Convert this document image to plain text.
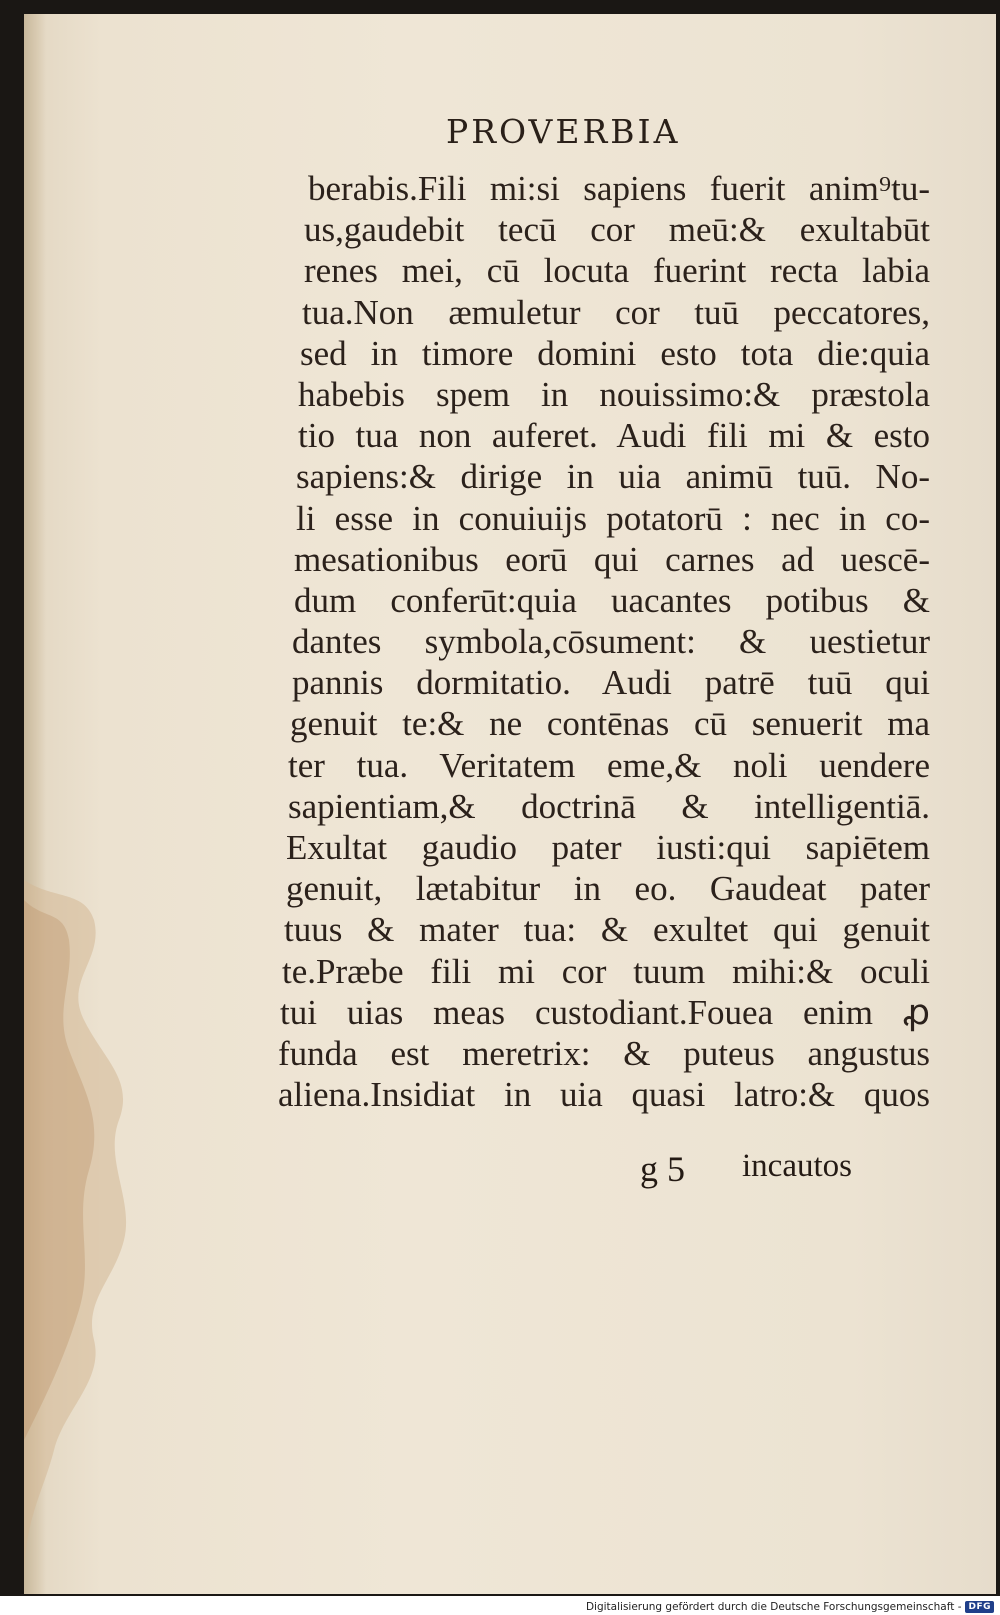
PROVERBIA
berabis.Fili mi:si sapiens fuerit anim⁹tu-
us,gaudebit tecū cor meū:& exultabūt
renes mei, cū locuta fuerint recta labia
tua.Non æmuletur cor tuū peccatores,
sed in timore domini esto tota die:quia
habebis spem in nouissimo:& præstola
tio tua non auferet. Audi fili mi & esto
sapiens:& dirige in uia animū tuū. No-
li esse in conuiuijs potatorū : nec in co-
mesationibus eorū qui carnes ad uescē-
dum conferūt:quia uacantes potibus &
dantes symbola,cōsument: & uestietur
pannis dormitatio. Audi patrē tuū qui
genuit te:& ne contēnas cū senuerit ma
ter tua. Veritatem eme,& noli uendere
sapientiam,& doctrinā & intelligentiā.
Exultat gaudio pater iusti:qui sapiētem
genuit, lætabitur in eo. Gaudeat pater
tuus & mater tua: & exultet qui genuit
te.Præbe fili mi cor tuum mihi:& oculi
tui uias meas custodiant.Fouea enim ꝓ
funda est meretrix: & puteus angustus
aliena.Insidiat in uia quasi latro:& quos
g 5 incautos
Digitalisierung gefördert durch die Deutsche Forschungsgemeinschaft - DFG
